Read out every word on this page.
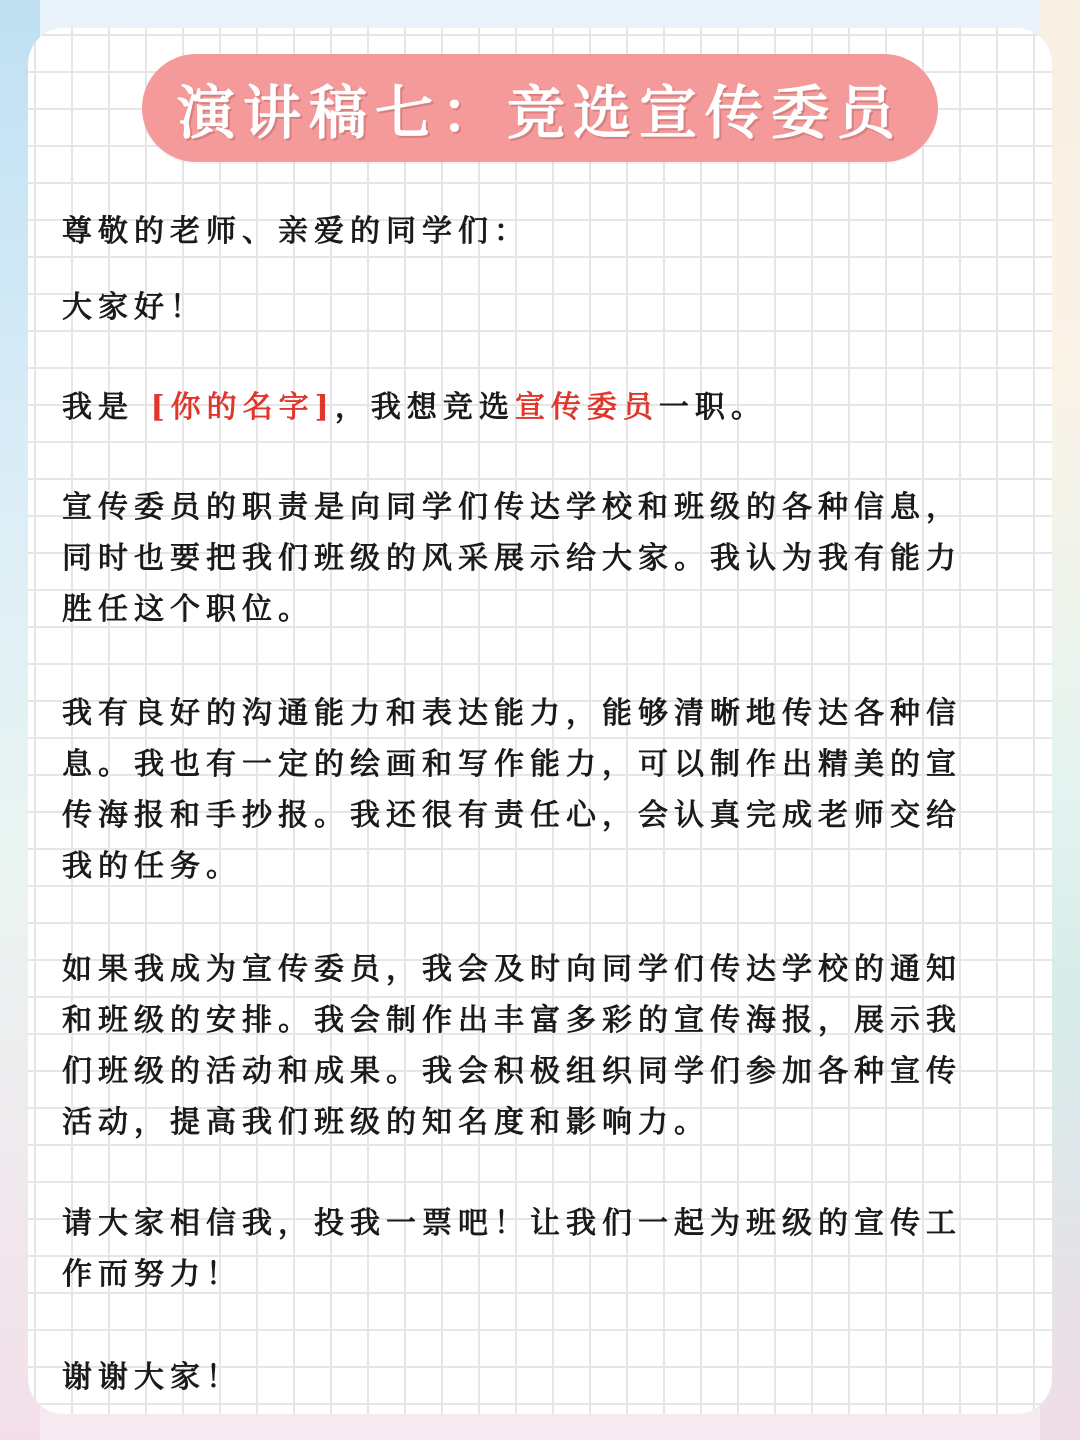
演讲稿七：竞选宣传委员

尊敬的老师、亲爱的同学们：

大家好！

我是 [你的名字]，我想竞选宣传委员一职。

宣传委员的职责是向同学们传达学校和班级的各种信息，同时也要把我们班级的风采展示给大家。我认为我有能力胜任这个职位。

我有良好的沟通能力和表达能力，能够清晰地传达各种信息。我也有一定的绘画和写作能力，可以制作出精美的宣传海报和手抄报。我还很有责任心，会认真完成老师交给我的任务。

如果我成为宣传委员，我会及时向同学们传达学校的通知和班级的安排。我会制作出丰富多彩的宣传海报，展示我们班级的活动和成果。我会积极组织同学们参加各种宣传活动，提高我们班级的知名度和影响力。

请大家相信我，投我一票吧！让我们一起为班级的宣传工作而努力！

谢谢大家！
